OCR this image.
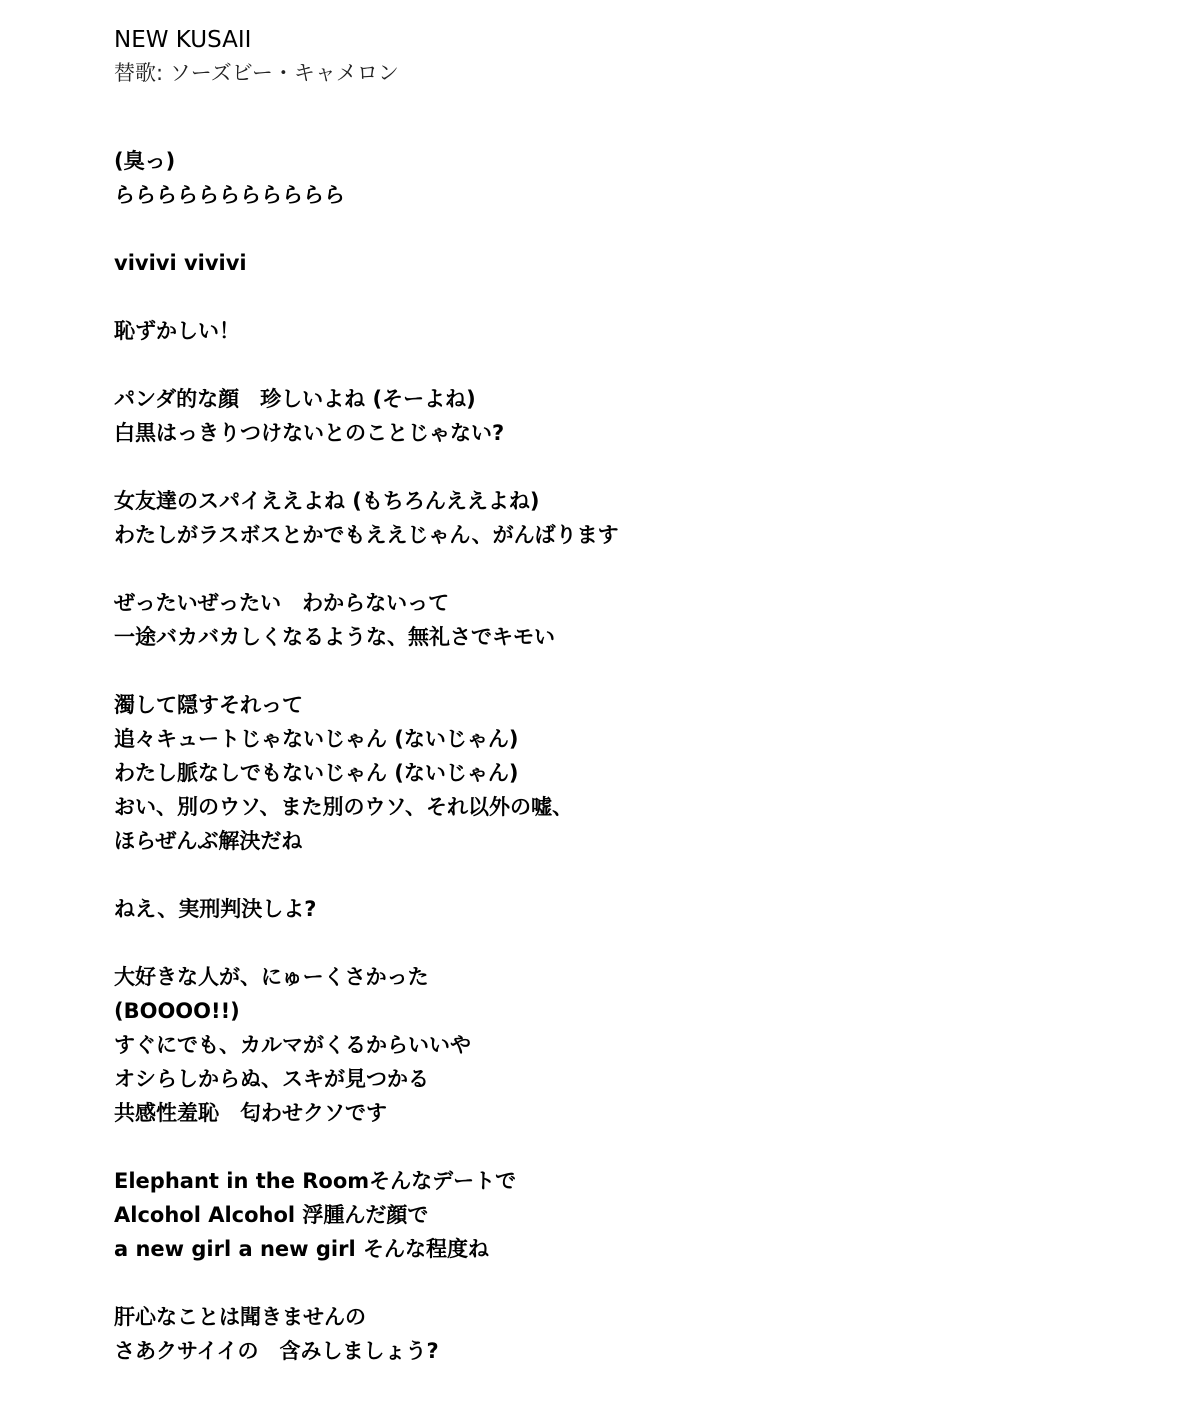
NEW KUSAII

替歌: ソーズビー・キャメロン

(臭っ)

ららららららららららら

vivivi vivivi

恥ずかしい！

パンダ的な顔　珍しいよね (そーよね)

白黒はっきりつけないとのことじゃない?

女友達のスパイええよね (もちろんええよね)

わたしがラスボスとかでもええじゃん、がんばります

ぜったいぜったい　わからないって

一途バカバカしくなるような、無礼さでキモい

濁して隠すそれって

追々キュートじゃないじゃん (ないじゃん)

わたし脈なしでもないじゃん (ないじゃん)

おい、別のウソ、また別のウソ、それ以外の嘘、

ほらぜんぶ解決だね

ねえ、実刑判決しよ?

大好きな人が、にゅーくさかった

(BOOOO!!)

すぐにでも、カルマがくるからいいや

オシらしからぬ、スキが見つかる

共感性羞恥　匂わせクソです

Elephant in the Roomそんなデートで

Alcohol Alcohol 浮腫んだ顔で

a new girl a new girl そんな程度ね

肝心なことは聞きませんの

さあクサイイの　含みしましょう?
